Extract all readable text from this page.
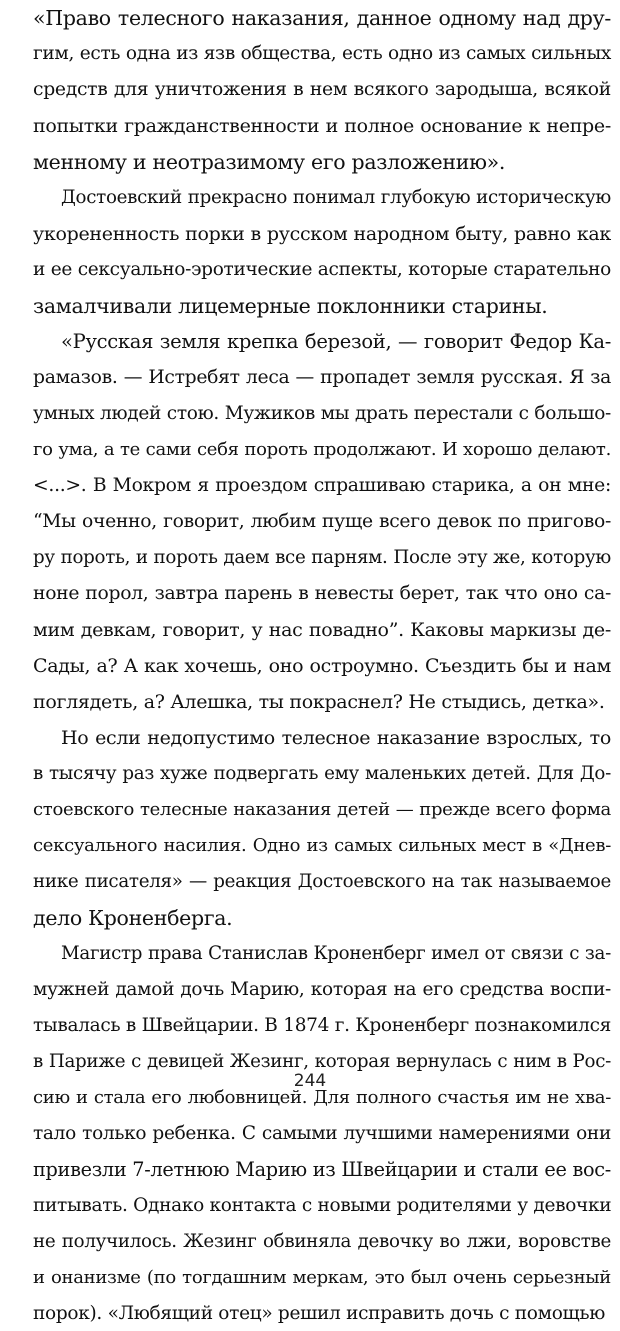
«Право телесного наказания, данное одному над дру-
гим, есть одна из язв общества, есть одно из самых сильных
средств для уничтожения в нем всякого зародыша, всякой
попытки гражданственности и полное основание к непре-
менному и неотразимому его разложению».
Достоевский прекрасно понимал глубокую историческую
укорененность порки в русском народном быту, равно как
и ее сексуально-эротические аспекты, которые старательно
замалчивали лицемерные поклонники старины.
«Русская земля крепка березой, — говорит Федор Ка-
рамазов. — Истребят леса — пропадет земля русская. Я за
умных людей стою. Мужиков мы драть перестали с большо-
го ума, а те сами себя пороть продолжают. И хорошо делают.
<...>. В Мокром я проездом спрашиваю старика, а он мне:
“Мы оченно, говорит, любим пуще всего девок по пригово-
ру пороть, и пороть даем все парням. После эту же, которую
ноне порол, завтра парень в невесты берет, так что оно са-
мим девкам, говорит, у нас повадно”. Каковы маркизы де-
Сады, а? А как хочешь, оно остроумно. Съездить бы и нам
поглядеть, а? Алешка, ты покраснел? Не стыдись, детка».
Но если недопустимо телесное наказание взрослых, то
в тысячу раз хуже подвергать ему маленьких детей. Для До-
стоевского телесные наказания детей — прежде всего форма
сексуального насилия. Одно из самых сильных мест в «Днев-
нике писателя» — реакция Достоевского на так называемое
дело Кроненберга.
Магистр права Станислав Кроненберг имел от связи с за-
мужней дамой дочь Марию, которая на его средства воспи-
тывалась в Швейцарии. В 1874 г. Кроненберг познакомился
в Париже с девицей Жезинг, которая вернулась с ним в Рос-
сию и стала его любовницей. Для полного счастья им не хва-
тало только ребенка. С самыми лучшими намерениями они
привезли 7-летнюю Марию из Швейцарии и стали ее вос-
питывать. Однако контакта с новыми родителями у девочки
не получилось. Жезинг обвиняла девочку во лжи, воровстве
и онанизме (по тогдашним меркам, это был очень серьезный
порок). «Любящий отец» решил исправить дочь с помощью
244
